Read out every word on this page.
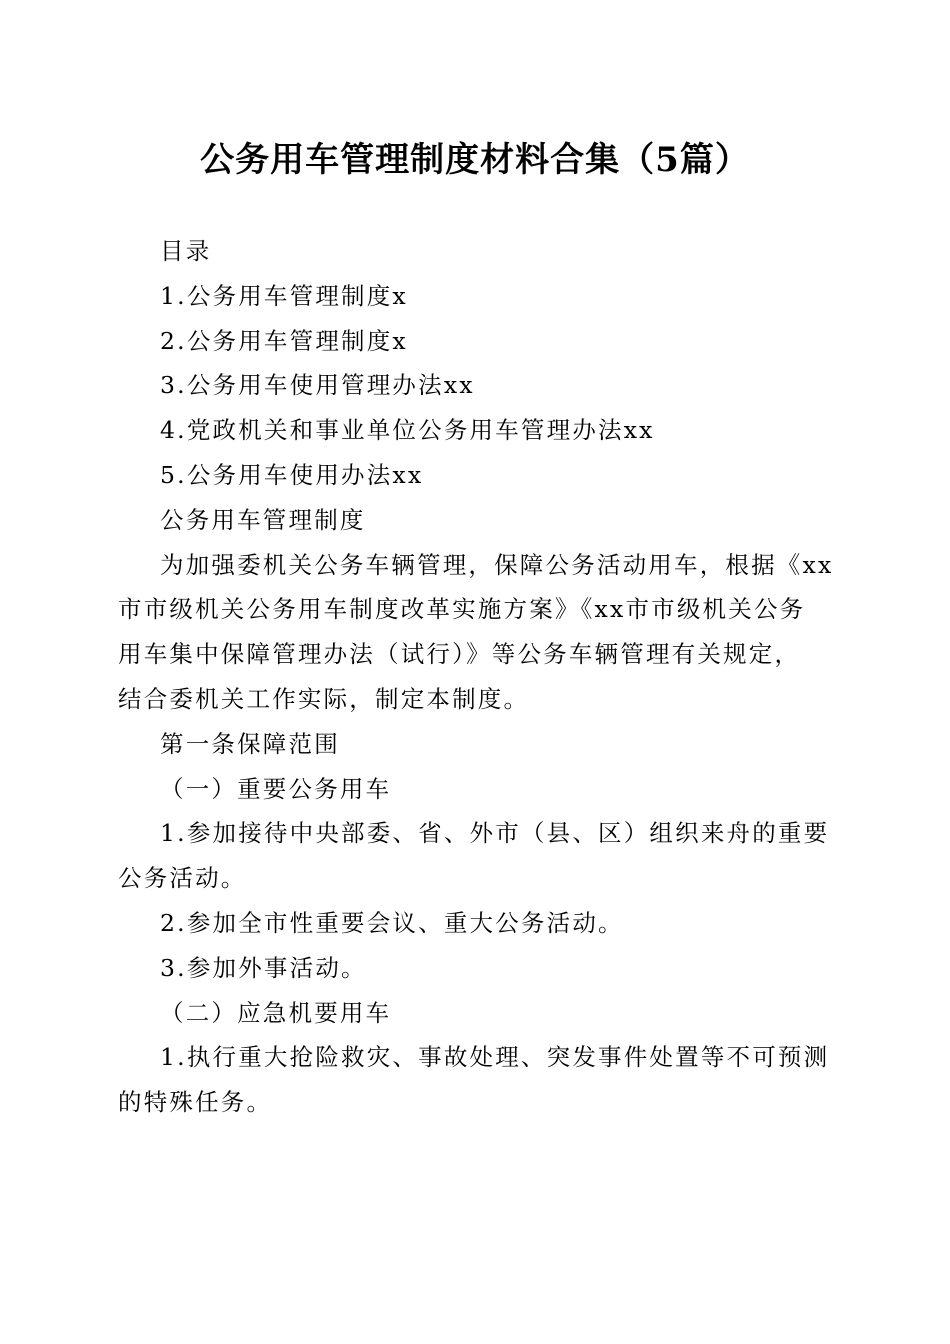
公务用车管理制度材料合集（5篇）

目录

1.公务用车管理制度x

2.公务用车管理制度x

3.公务用车使用管理办法xx

4.党政机关和事业单位公务用车管理办法xx

5.公务用车使用办法xx

公务用车管理制度

为加强委机关公务车辆管理，保障公务活动用车，根据《xx

市市级机关公务用车制度改革实施方案》《xx市市级机关公务

用车集中保障管理办法（试行）》等公务车辆管理有关规定，

结合委机关工作实际，制定本制度。

第一条保障范围

（一）重要公务用车

1.参加接待中央部委、省、外市（县、区）组织来舟的重要

公务活动。

2.参加全市性重要会议、重大公务活动。

3.参加外事活动。

（二）应急机要用车

1.执行重大抢险救灾、事故处理、突发事件处置等不可预测

的特殊任务。
